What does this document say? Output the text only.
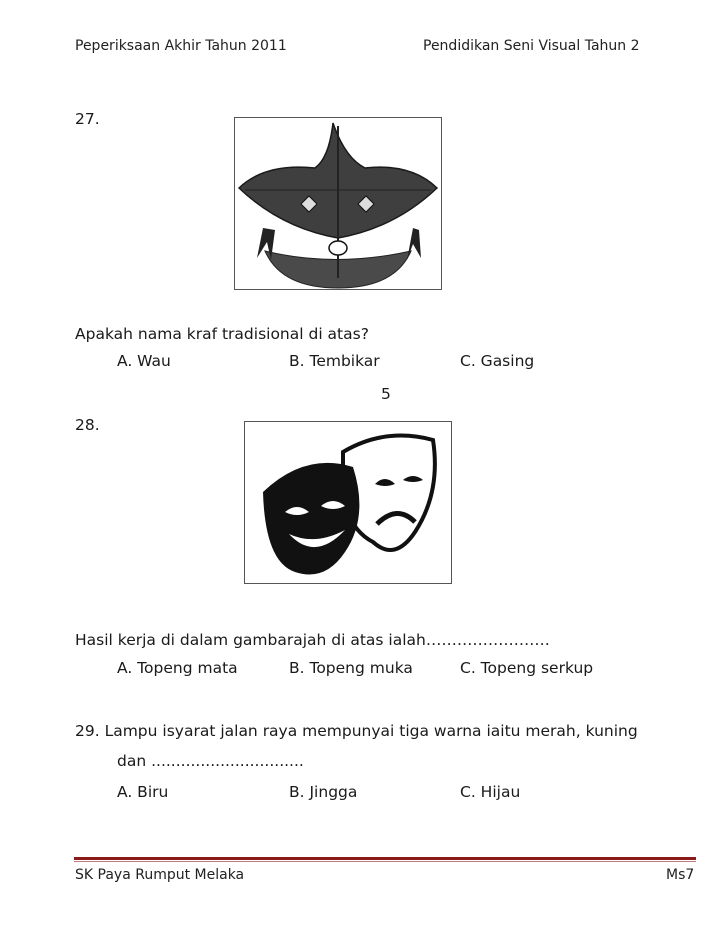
Peperiksaan Akhir Tahun 2011	Pendidikan Seni Visual Tahun 2
27.
Apakah nama kraf tradisional di atas?
A. Wau	B. Tembikar	C. Gasing
5
28.
Hasil kerja di dalam gambarajah di atas ialah……………………
A. Topeng mata	B. Topeng muka	C. Topeng serkup
29. Lampu isyarat jalan raya mempunyai tiga warna iaitu merah, kuning
dan ...............................
A. Biru	B. Jingga	C. Hijau
SK Paya Rumput Melaka	Ms7
